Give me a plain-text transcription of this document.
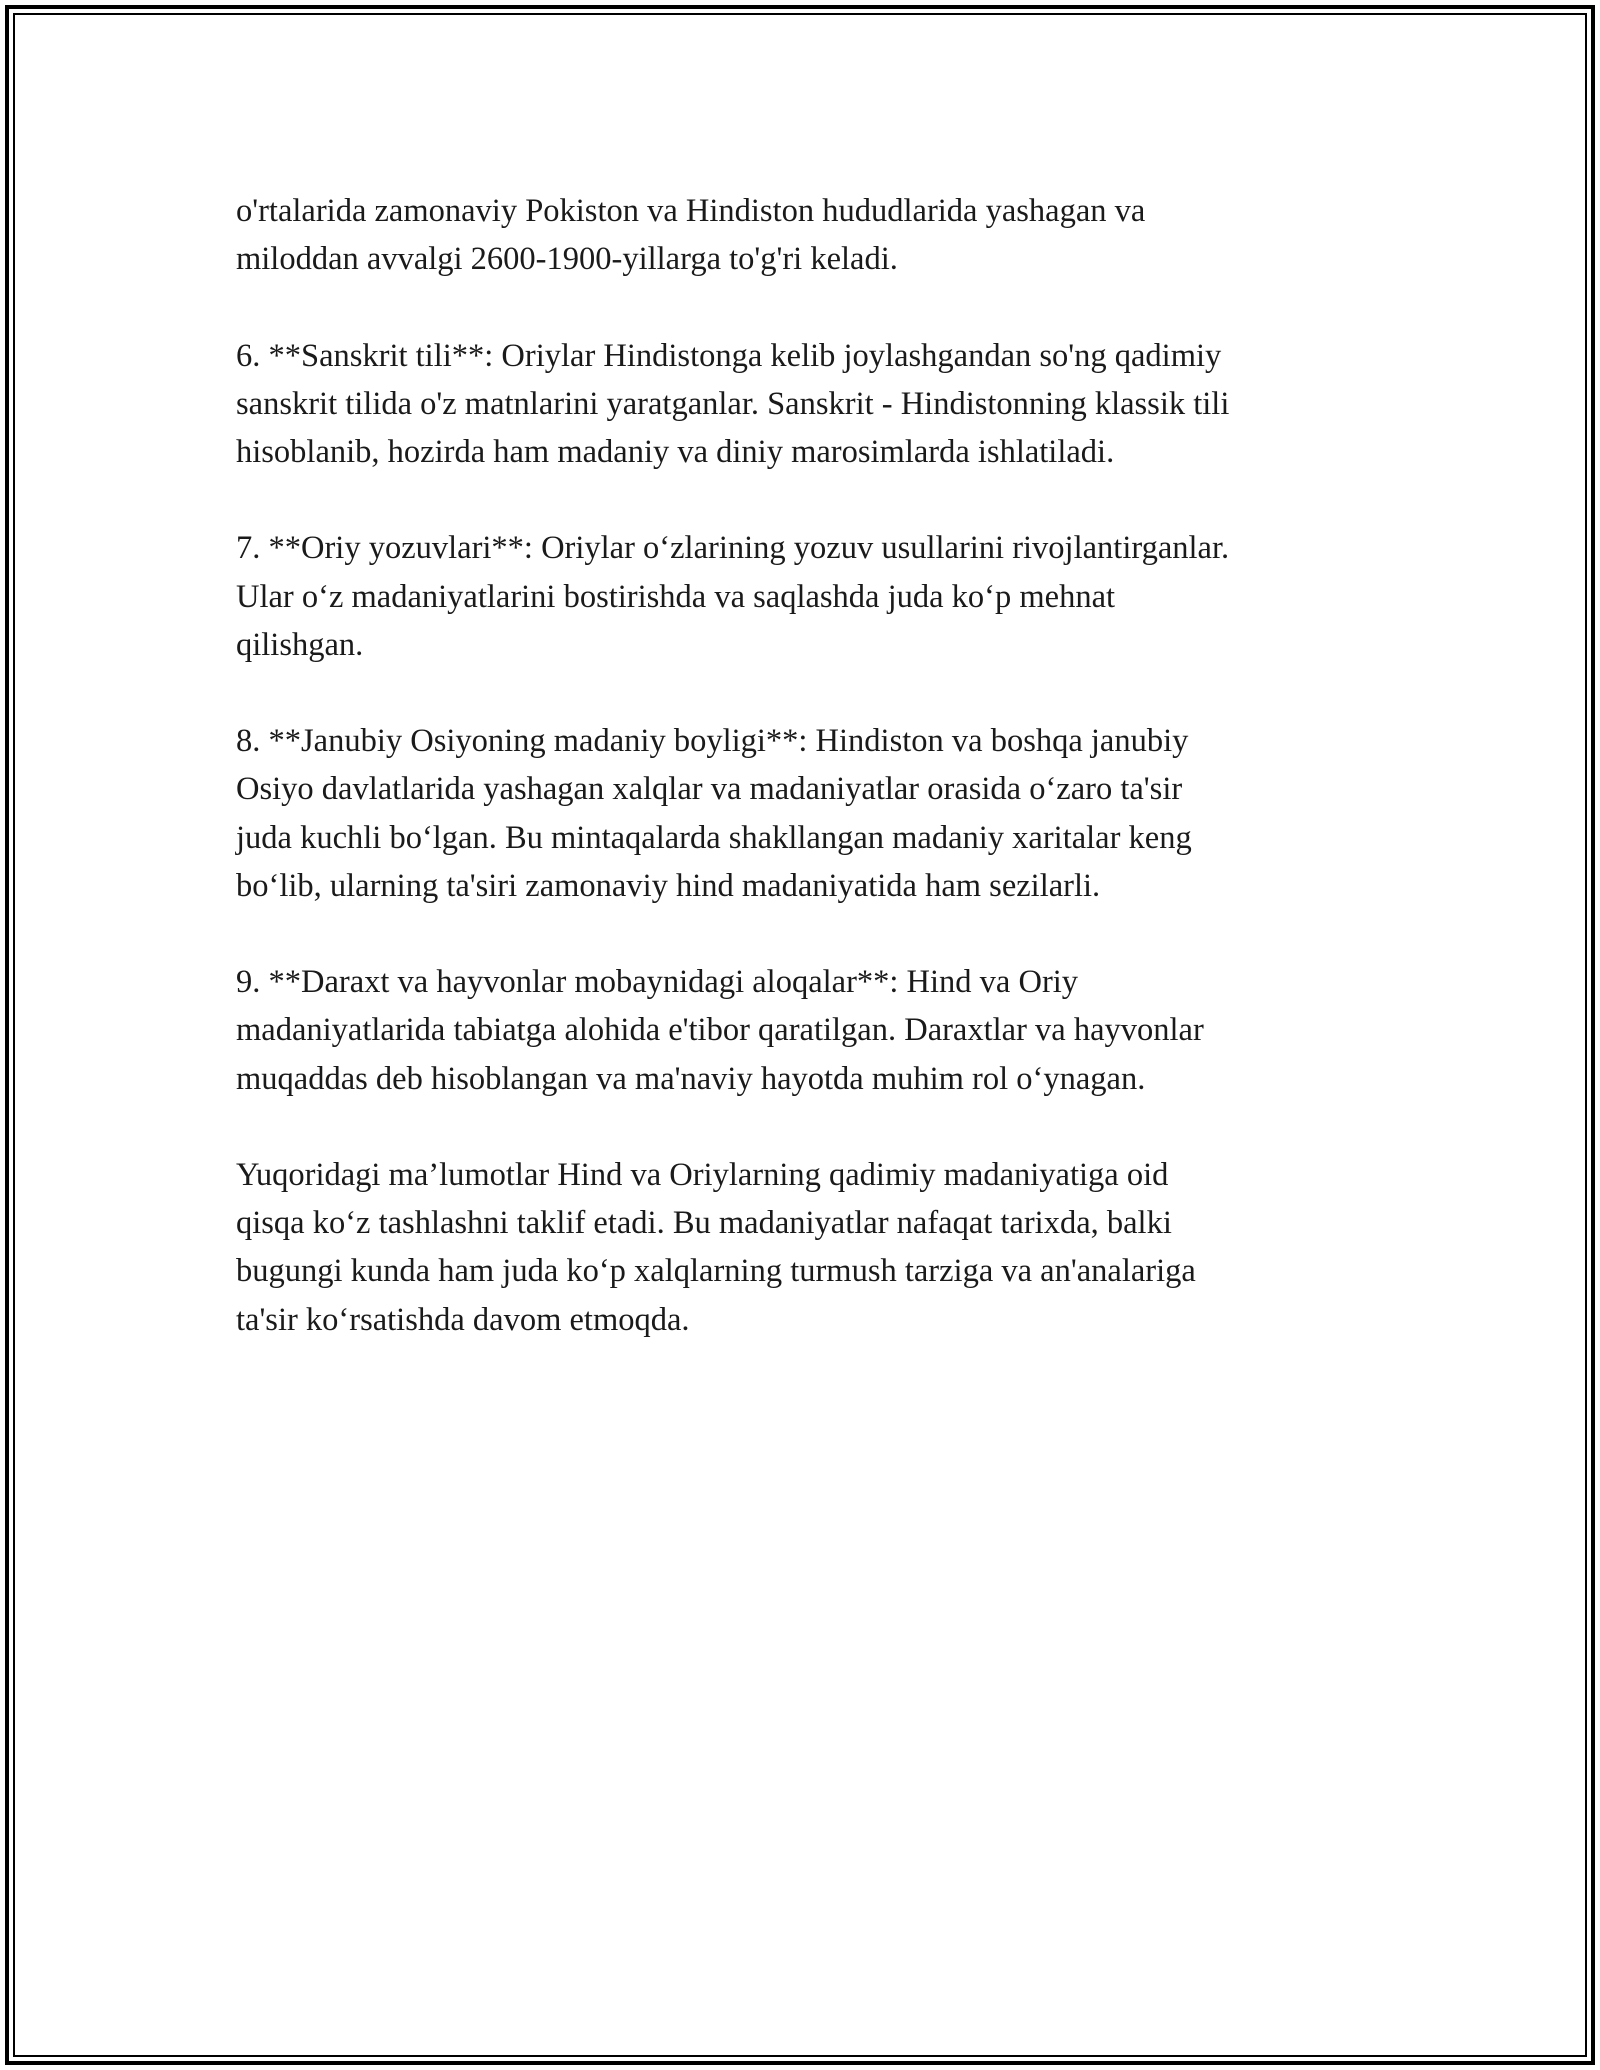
o'rtalarida zamonaviy Pokiston va Hindiston hududlarida yashagan va
miloddan avvalgi 2600-1900-yillarga to'g'ri keladi.

6. **Sanskrit tili**: Oriylar Hindistonga kelib joylashgandan so'ng qadimiy
sanskrit tilida o'z matnlarini yaratganlar. Sanskrit - Hindistonning klassik tili
hisoblanib, hozirda ham madaniy va diniy marosimlarda ishlatiladi.

7. **Oriy yozuvlari**: Oriylar o‘zlarining yozuv usullarini rivojlantirganlar.
Ular o‘z madaniyatlarini bostirishda va saqlashda juda ko‘p mehnat
qilishgan.

8. **Janubiy Osiyoning madaniy boyligi**: Hindiston va boshqa janubiy
Osiyo davlatlarida yashagan xalqlar va madaniyatlar orasida o‘zaro ta'sir
juda kuchli bo‘lgan. Bu mintaqalarda shakllangan madaniy xaritalar keng
bo‘lib, ularning ta'siri zamonaviy hind madaniyatida ham sezilarli.

9. **Daraxt va hayvonlar mobaynidagi aloqalar**: Hind va Oriy
madaniyatlarida tabiatga alohida e'tibor qaratilgan. Daraxtlar va hayvonlar
muqaddas deb hisoblangan va ma'naviy hayotda muhim rol o‘ynagan.

Yuqoridagi ma’lumotlar Hind va Oriylarning qadimiy madaniyatiga oid
qisqa ko‘z tashlashni taklif etadi. Bu madaniyatlar nafaqat tarixda, balki
bugungi kunda ham juda ko‘p xalqlarning turmush tarziga va an'analariga
ta'sir ko‘rsatishda davom etmoqda.
